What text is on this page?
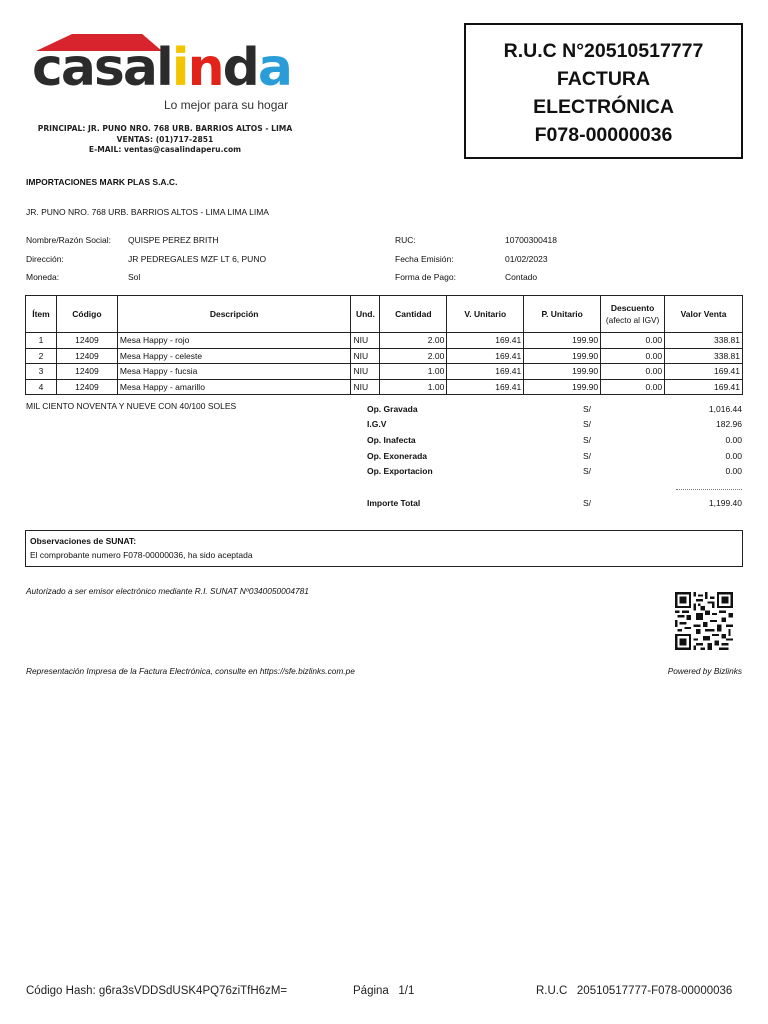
casalinda
Lo mejor para su hogar
PRINCIPAL: JR. PUNO NRO. 768 URB. BARRIOS ALTOS - LIMA
VENTAS: (01)717-2851
E-MAIL: ventas@casalindaperu.com
R.U.C N°20510517777
FACTURA
ELECTRÓNICA
F078-00000036
IMPORTACIONES MARK PLAS S.A.C.
JR. PUNO NRO. 768 URB. BARRIOS ALTOS - LIMA LIMA LIMA
Nombre/Razón Social: QUISPE PEREZ BRITH
Dirección:	JR PEDREGALES MZF LT 6, PUNO
Moneda:	Sol
RUC:	10700300418
Fecha Emisión:	01/02/2023
Forma de Pago:	Contado
Ítem	Código	Descripción	Und.	Cantidad	V. Unitario	P. Unitario	Descuento
(afecto al IGV)	Valor Venta
1	12409	Mesa Happy - rojo	NIU	2.00	169.41	199.90	0.00	338.81
2	12409	Mesa Happy - celeste	NIU	2.00	169.41	199.90	0.00	338.81
3	12409	Mesa Happy - fucsia	NIU	1.00	169.41	199.90	0.00	169.41
4	12409	Mesa Happy - amarillo	NIU	1.00	169.41	199.90	0.00	169.41
MIL CIENTO NOVENTA Y NUEVE CON 40/100 SOLES	Op. Gravada	S/	1,016.44
I.G.V	S/	182.96
Op. Inafecta	S/	0.00
Op. Exonerada	S/	0.00
Op. Exportacion	S/	0.00
Importe Total	S/	1,199.40
Observaciones de SUNAT:
El comprobante numero F078-00000036, ha sido aceptada
Autorizado a ser emisor electrónico mediante R.I. SUNAT Nº0340050004781
Representación Impresa de la Factura Electrónica, consulte en https://sfe.bizlinks.com.pe	Powered by Bizlinks
Código Hash: g6ra3sVDDSdUSK4PQ76ziTfH6zM=	Página 1/1	R.U.C 20510517777-F078-00000036
